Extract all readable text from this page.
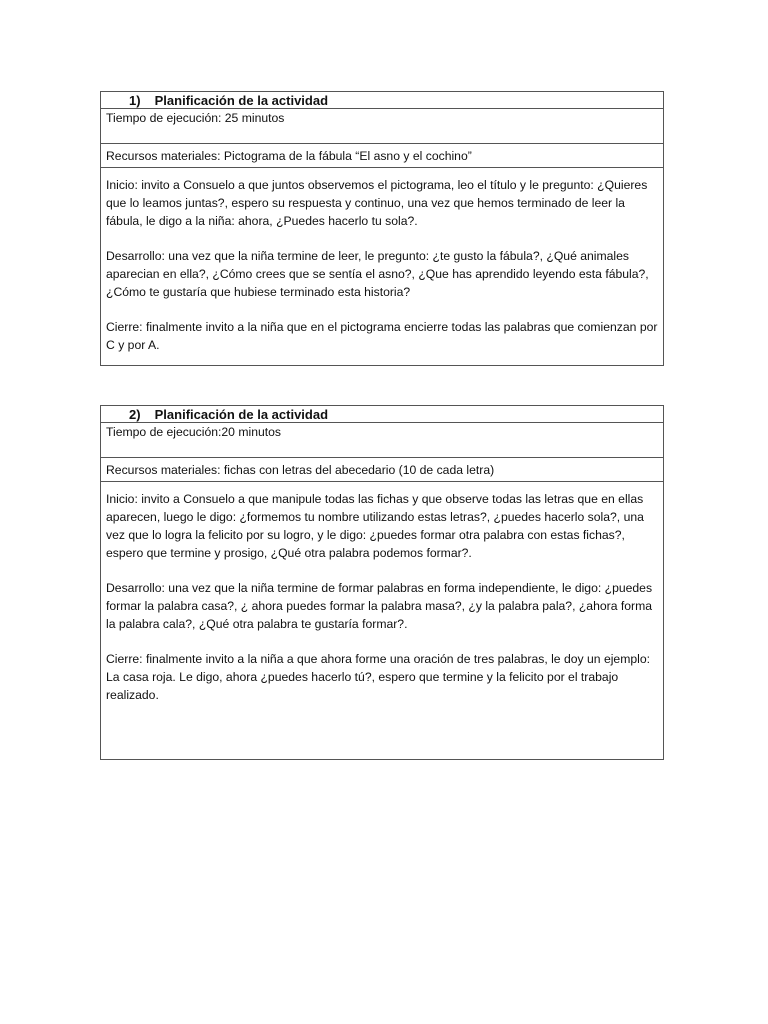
1) Planificación de la actividad
Tiempo de ejecución: 25 minutos
Recursos materiales: Pictograma de la fábula “El asno y el cochino”

Inicio: invito a Consuelo a que juntos observemos el pictograma, leo el título y le pregunto: ¿Quieres que lo leamos juntas?, espero su respuesta y continuo, una vez que hemos terminado de leer la fábula, le digo a la niña: ahora, ¿Puedes hacerlo tu sola?.

Desarrollo: una vez que la niña termine de leer, le pregunto: ¿te gusto la fábula?, ¿Qué animales aparecian en ella?, ¿Cómo crees que se sentía el asno?, ¿Que has aprendido leyendo esta fábula?, ¿Cómo te gustaría que hubiese terminado esta historia?

Cierre: finalmente invito a la niña que en el pictograma encierre todas las palabras que comienzan por C y por A.

2) Planificación de la actividad
Tiempo de ejecución:20 minutos
Recursos materiales: fichas con letras del abecedario (10 de cada letra)

Inicio: invito a Consuelo a que manipule todas las fichas y que observe todas las letras que en ellas aparecen, luego le digo: ¿formemos tu nombre utilizando estas letras?, ¿puedes hacerlo sola?, una vez que lo logra la felicito por su logro, y le digo: ¿puedes formar otra palabra con estas fichas?, espero que termine y prosigo, ¿Qué otra palabra podemos formar?.

Desarrollo: una vez que la niña termine de formar palabras en forma independiente, le digo: ¿puedes formar la palabra casa?, ¿ ahora puedes formar la palabra masa?, ¿y la palabra pala?, ¿ahora forma la palabra cala?, ¿Qué otra palabra te gustaría formar?.

Cierre: finalmente invito a la niña a que ahora forme una oración de tres palabras, le doy un ejemplo: La casa roja. Le digo, ahora ¿puedes hacerlo tú?, espero que termine y la felicito por el trabajo realizado.
